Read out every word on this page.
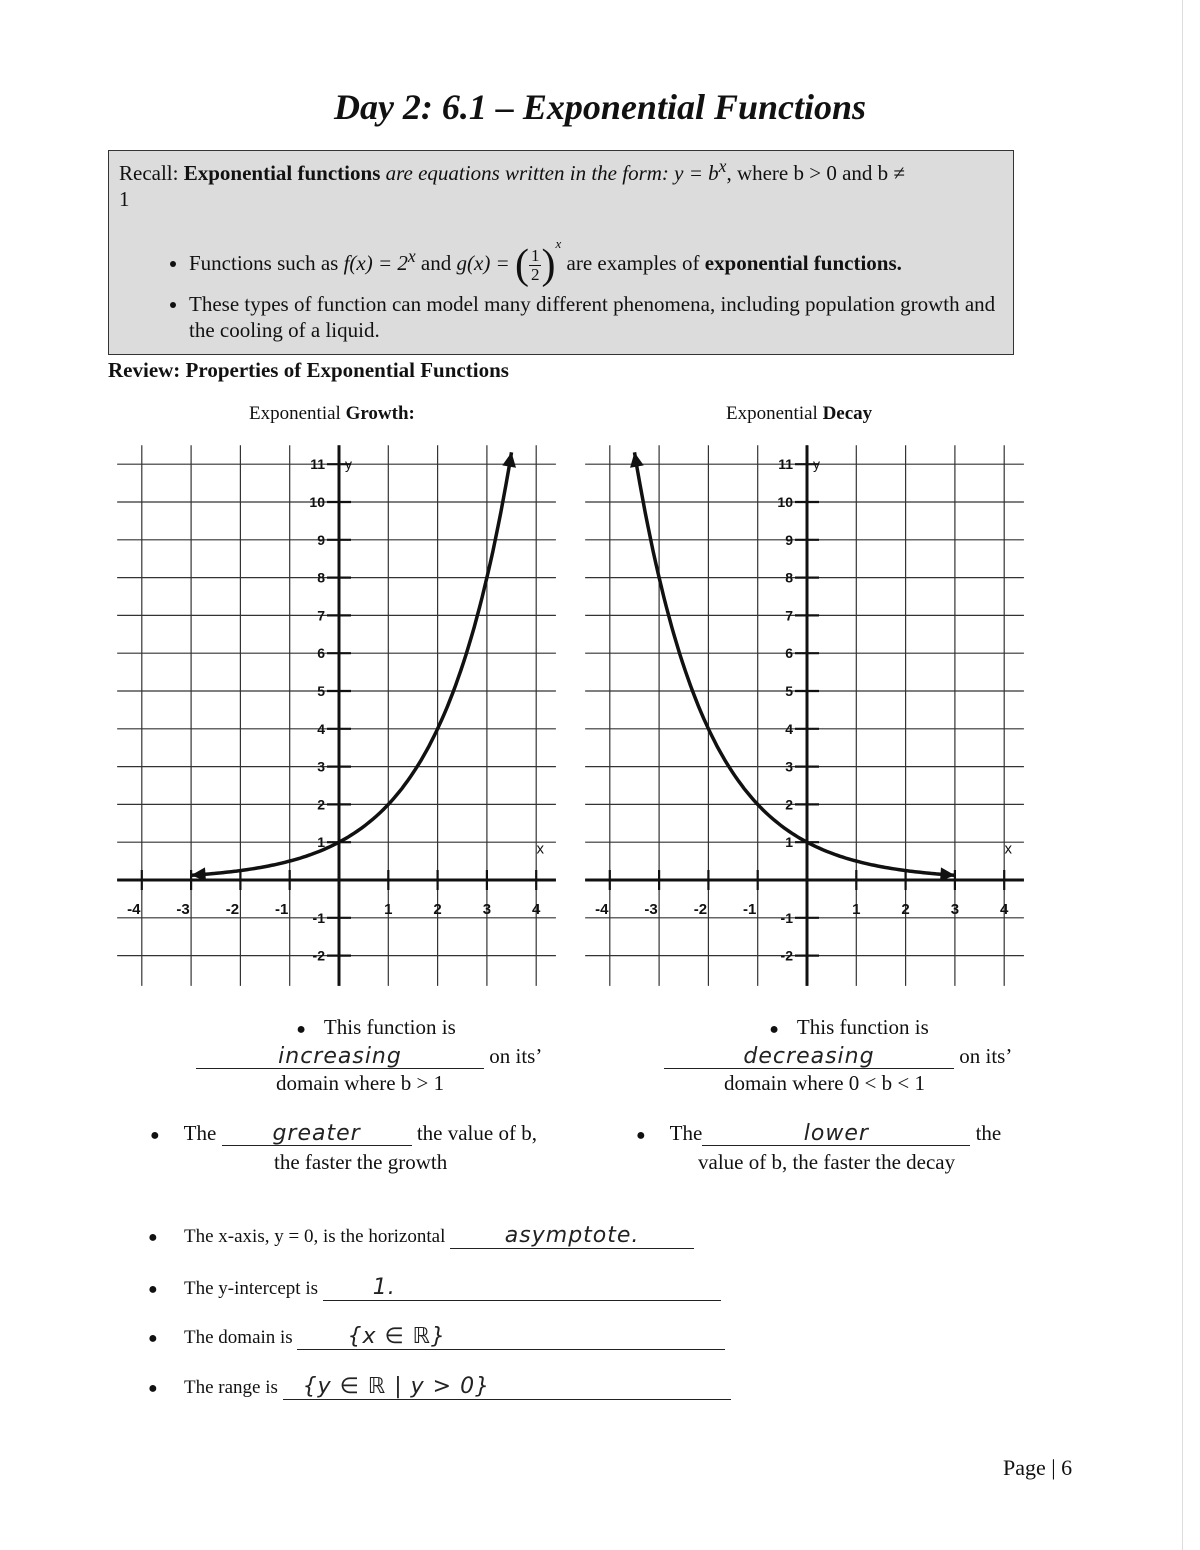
Day 2: 6.1 – Exponential Functions
Recall: Exponential functions are equations written in the form: $y = b^x$, where b > 0 and b ≠
1
• Functions such as $f(x) = 2^x$ and g(x) = ( $\frac{1}{2})^x$ are examples of exponential functions.
• These types of function can model many different phenomena, including population growth and the cooling of a liquid.
Review: Properties of Exponential Functions
Exponential Growth:	Exponential Decay
-4 -3 -2 -1	1	2	3	4
-2
-1
1
2
3
4
5
6
7
8
9
10
11 y
x
-4 -3 -2 -1	1	2	3	4
-2
-1
1
2
3
4
5
6
7
8
9
10
11 y
x
● This function is
increasing	on its’
domain where b > 1
● The	greater the value of b,
the faster the growth
● This function is
decreasing	on its’
domain where 0 < b < 1
● The	lower	the
value of b, the faster the decay
● The x-axis, y = 0, is the horizontal	asymptote.
● The y-intercept is 1.
● The domain is {x ∈ ℝ}
● The range is {y ∈ ℝ | y > 0}
Page | 6
